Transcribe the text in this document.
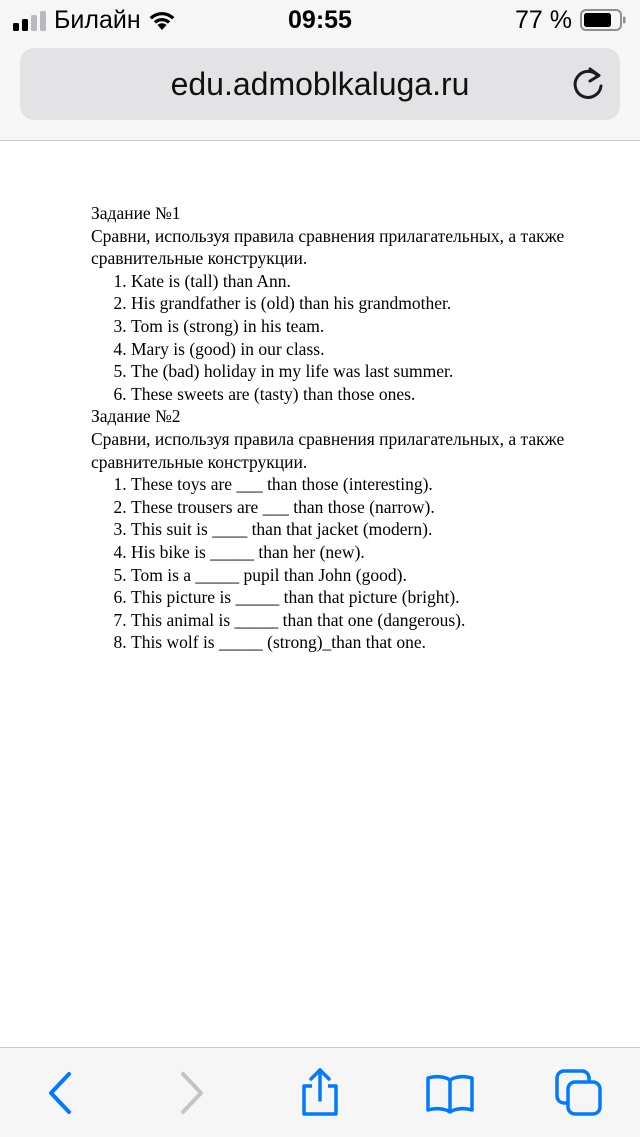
Билайн	09:55	77 %
edu.admoblkaluga.ru

Задание №1

Сравни, используя правила сравнения прилагательных, а также сравнительные конструкции.

1. Kate is (tall) than Ann.
2. His grandfather is (old) than his grandmother.
3. Tom is (strong) in his team.
4. Mary is (good) in our class.
5. The (bad) holiday in my life was last summer.
6. These sweets are (tasty) than those ones.

Задание №2

Сравни, используя правила сравнения прилагательных, а также сравнительные конструкции.

1. These toys are ___ than those (interesting).
2. These trousers are ___ than those (narrow).
3. This suit is ____ than that jacket (modern).
4. His bike is _____ than her (new).
5. Tom is a _____ pupil than John (good).
6. This picture is _____ than that picture (bright).
7. This animal is _____ than that one (dangerous).
8. This wolf is _____ (strong)_than that one.
